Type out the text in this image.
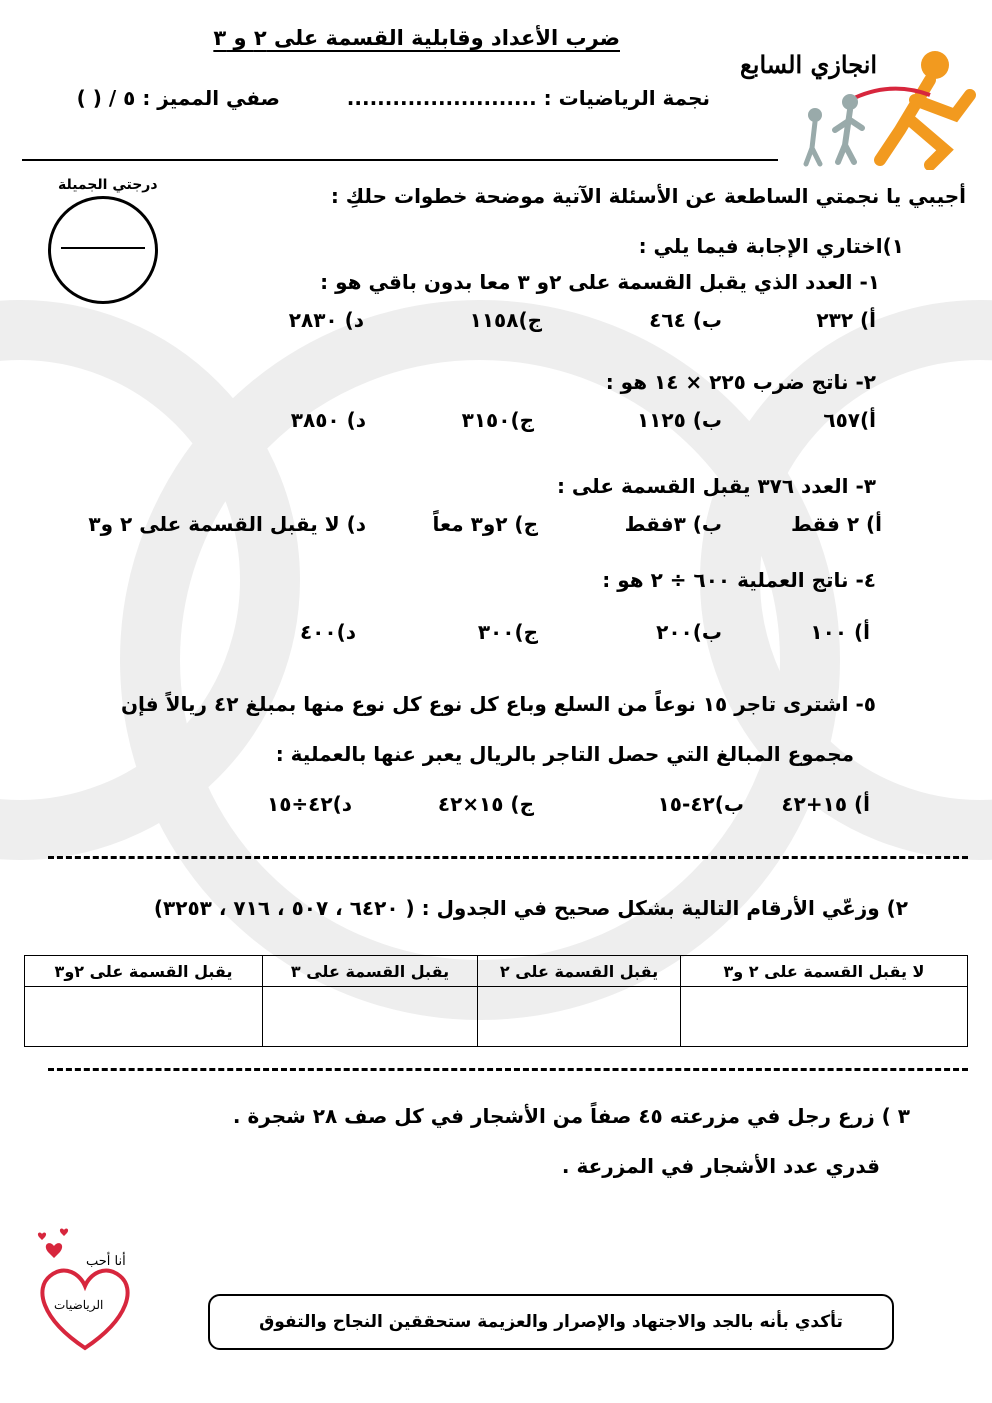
ضرب الأعداد وقابلية القسمة على ٢ و ٣
نجمة الرياضيات : .........................
صفي المميز : ٥ / ( )
انجازي السابع
درجتي الجميلة	أجيبي يا نجمتي الساطعة عن الأسئلة الآتية موضحة خطوات حلكِ :
١)اختاري الإجابة فيما يلي :
١- العدد الذي يقبل القسمة على ٢و ٣ معا بدون باقي هو :
أ) ٢٣٢
ب) ٤٦٤
ج)١١٥٨
د) ٢٨٣٠
٢- ناتج ضرب ٢٢٥ × ١٤ هو :
أ)٦٥٧
ب) ١١٢٥
ج)٣١٥٠
د) ٣٨٥٠
٣- العدد ٣٧٦ يقبل القسمة على :
أ) ٢ فقط
ب) ٣فقط
ج) ٢و٣ معاً
د) لا يقبل القسمة على ٢ و٣
٤- ناتج العملية ٦٠٠ ÷ ٢ هو :
أ) ١٠٠
ب)٢٠٠
ج)٣٠٠
د)٤٠٠
٥- اشترى تاجر ١٥ نوعاً من السلع وباع كل نوع كل نوع منها بمبلغ ٤٢ ريالاً فإن
مجموع المبالغ التي حصل التاجر بالريال يعبر عنها بالعملية :
أ) ١٥+٤٢
ب)٤٢-١٥
ج) ١٥×٤٢
د)٤٢÷١٥
٢) وزعّي الأرقام التالية بشكل صحيح في الجدول : ( ٦٤٢٠ ، ٥٠٧ ، ٧١٦ ، ٣٢٥٣)
يقبل القسمة على ٢و٣	يقبل القسمة على ٣	يقبل القسمة على ٢	لا يقبل القسمة على ٢ و٣

٣ ) زرع رجل في مزرعته ٤٥ صفاً من الأشجار في كل صف ٢٨ شجرة .
قدري عدد الأشجار في المزرعة .
أنا أحب
الرياضيات
تأكدي بأنه بالجد والاجتهاد والإصرار والعزيمة ستحققين النجاح والتفوق
